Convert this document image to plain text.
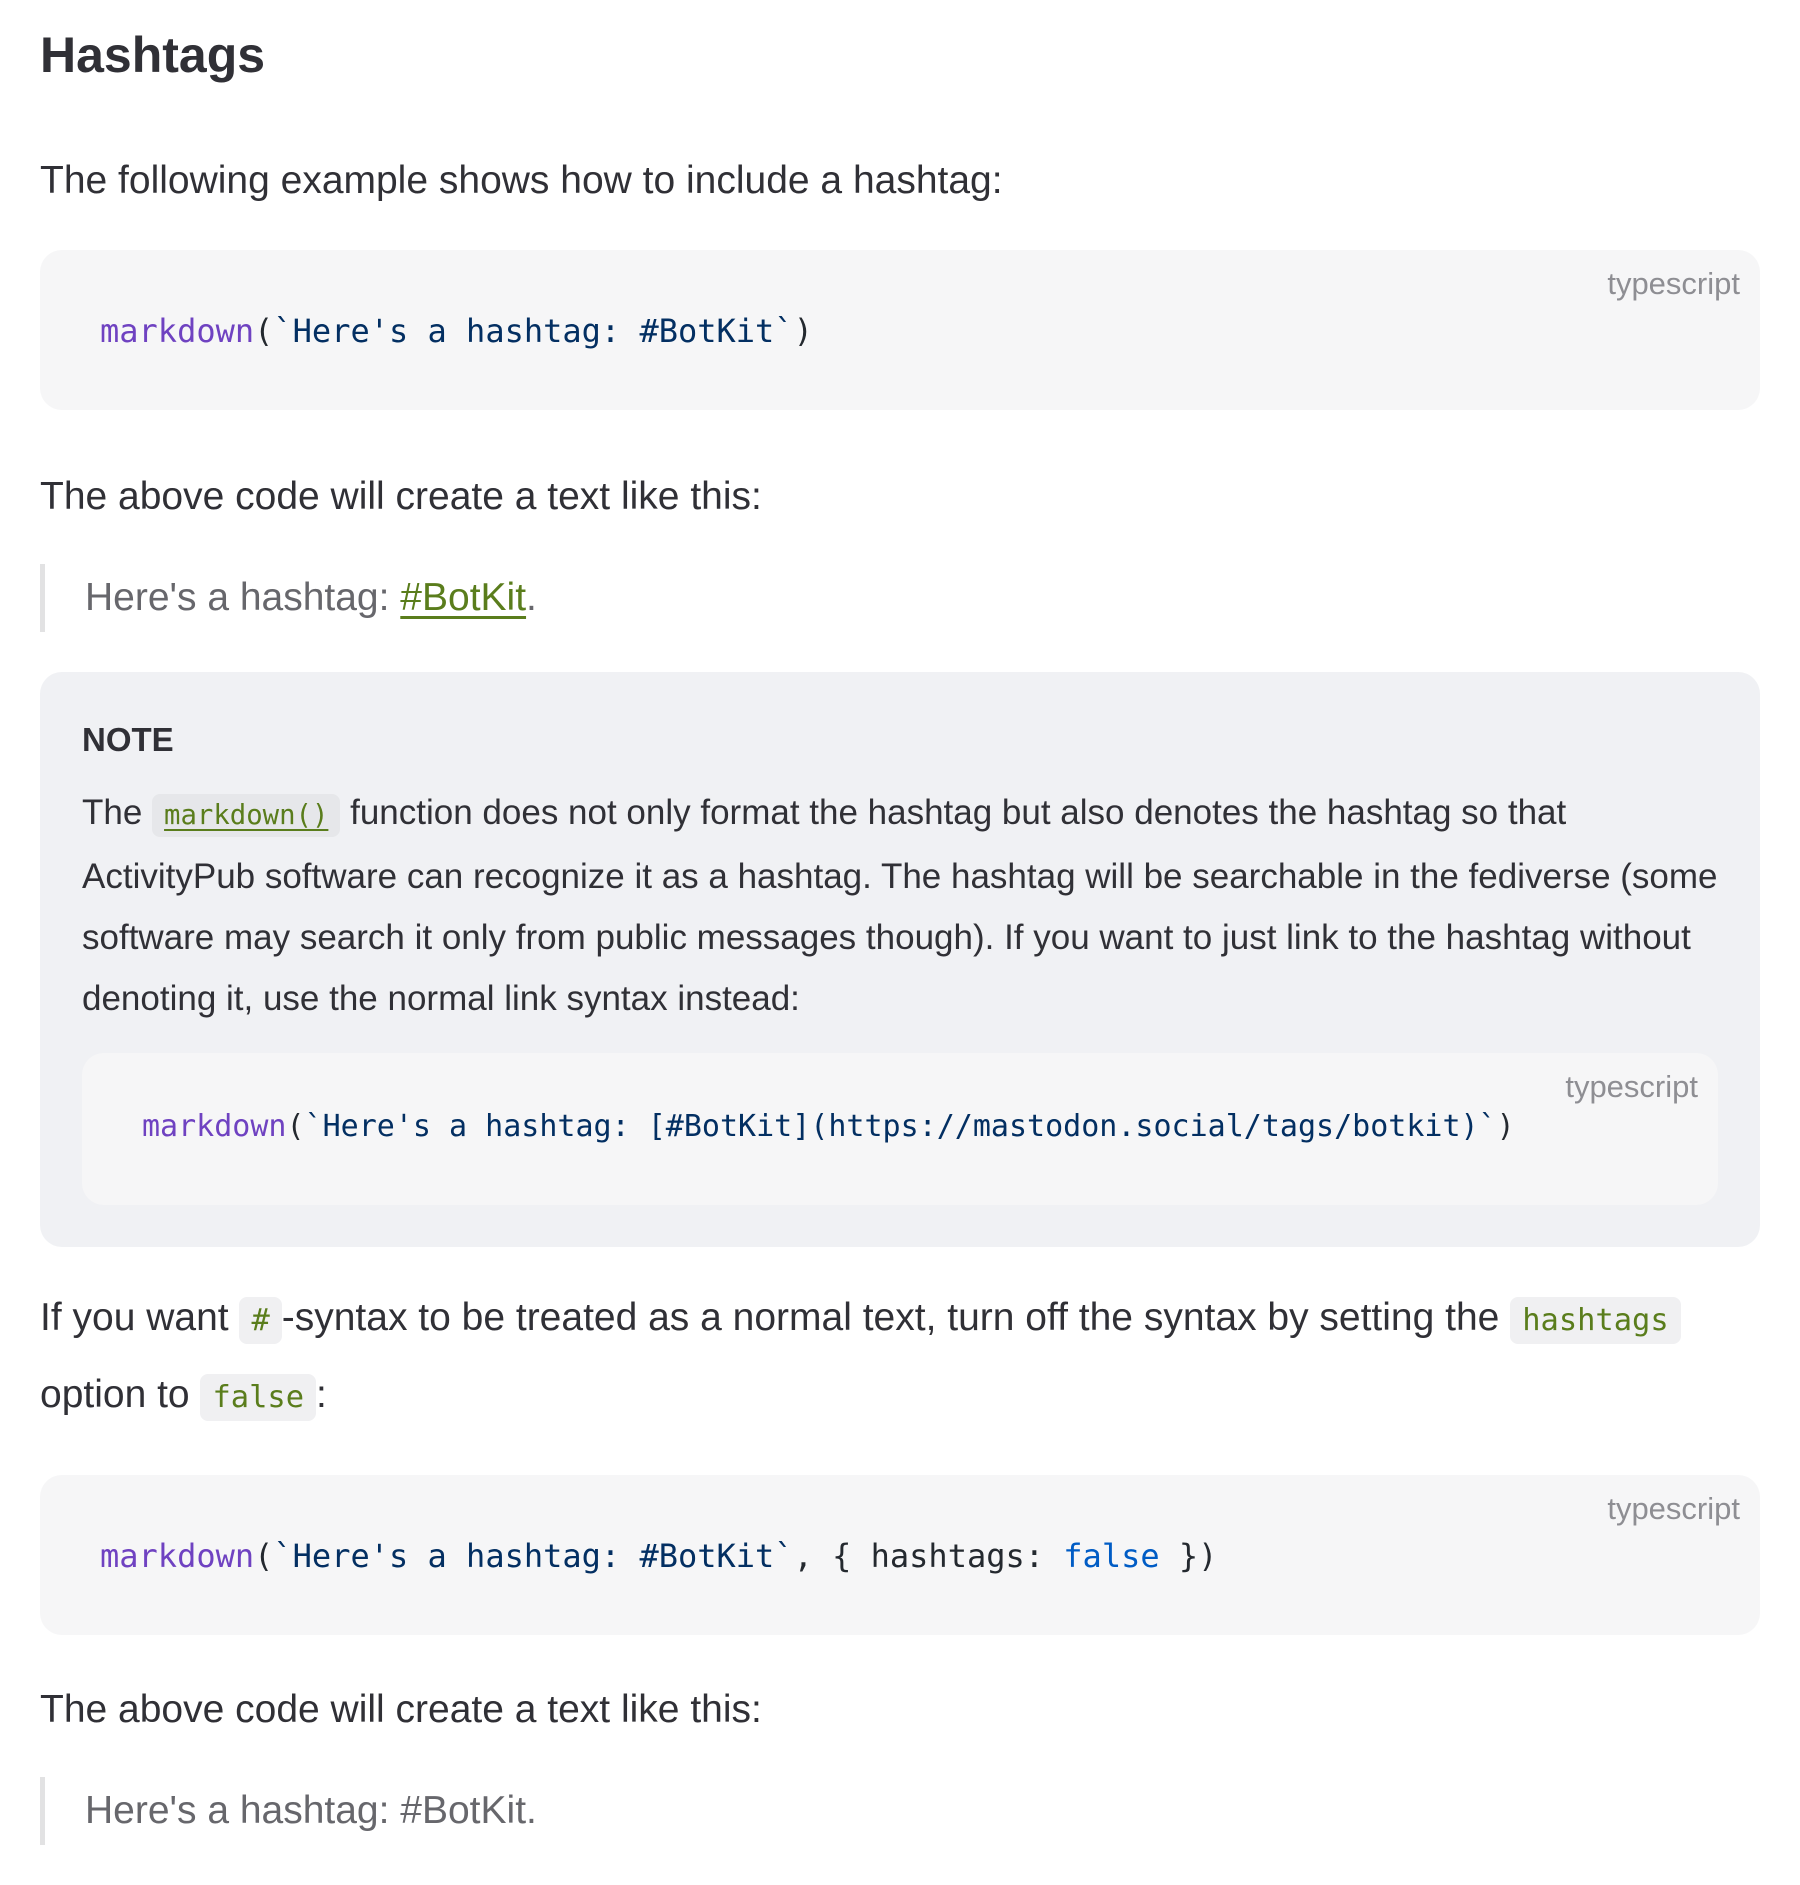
Hashtags

The following example shows how to include a hashtag:

typescript
markdown(`Here's a hashtag: #BotKit`)

The above code will create a text like this:

Here's a hashtag: #BotKit.
NOTE

The markdown() function does not only format the hashtag but also denotes the hashtag so that ActivityPub software can recognize it as a hashtag. The hashtag will be searchable in the fediverse (some software may search it only from public messages though). If you want to just link to the hashtag without denoting it, use the normal link syntax instead:

typescript
markdown(`Here's a hashtag: [#BotKit](https://mastodon.social/tags/botkit)`)

If you want # -syntax to be treated as a normal text, turn off the syntax by setting the hashtags option to false :

typescript
markdown(`Here's a hashtag: #BotKit`, { hashtags: false })

The above code will create a text like this:

Here's a hashtag: #BotKit.
